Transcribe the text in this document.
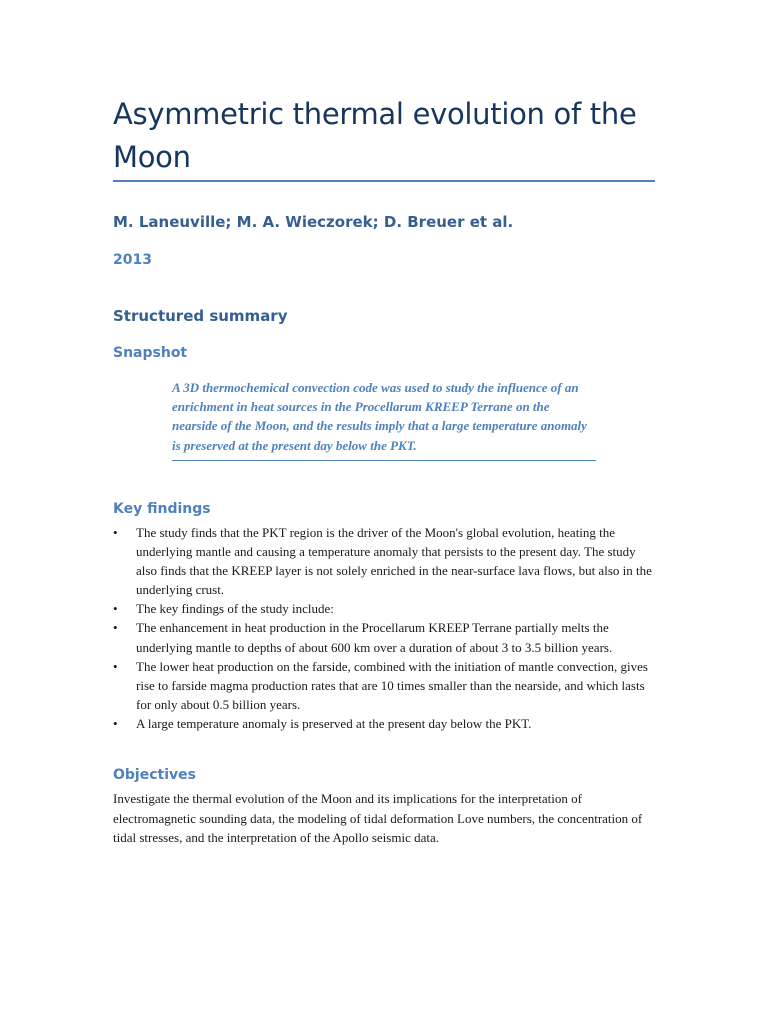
Asymmetric thermal evolution of the Moon
M. Laneuville; M. A. Wieczorek; D. Breuer et al.
2013
Structured summary
Snapshot
A 3D thermochemical convection code was used to study the influence of an enrichment in heat sources in the Procellarum KREEP Terrane on the nearside of the Moon, and the results imply that a large temperature anomaly is preserved at the present day below the PKT.
Key findings
•	The study finds that the PKT region is the driver of the Moon's global evolution, heating the underlying mantle and causing a temperature anomaly that persists to the present day. The study also finds that the KREEP layer is not solely enriched in the near-surface lava flows, but also in the underlying crust.
•	The key findings of the study include:
•	The enhancement in heat production in the Procellarum KREEP Terrane partially melts the underlying mantle to depths of about 600 km over a duration of about 3 to 3.5 billion years.
•	The lower heat production on the farside, combined with the initiation of mantle convection, gives rise to farside magma production rates that are 10 times smaller than the nearside, and which lasts for only about 0.5 billion years.
•	A large temperature anomaly is preserved at the present day below the PKT.
Objectives

Investigate the thermal evolution of the Moon and its implications for the interpretation of electromagnetic sounding data, the modeling of tidal deformation Love numbers, the concentration of tidal stresses, and the interpretation of the Apollo seismic data.
